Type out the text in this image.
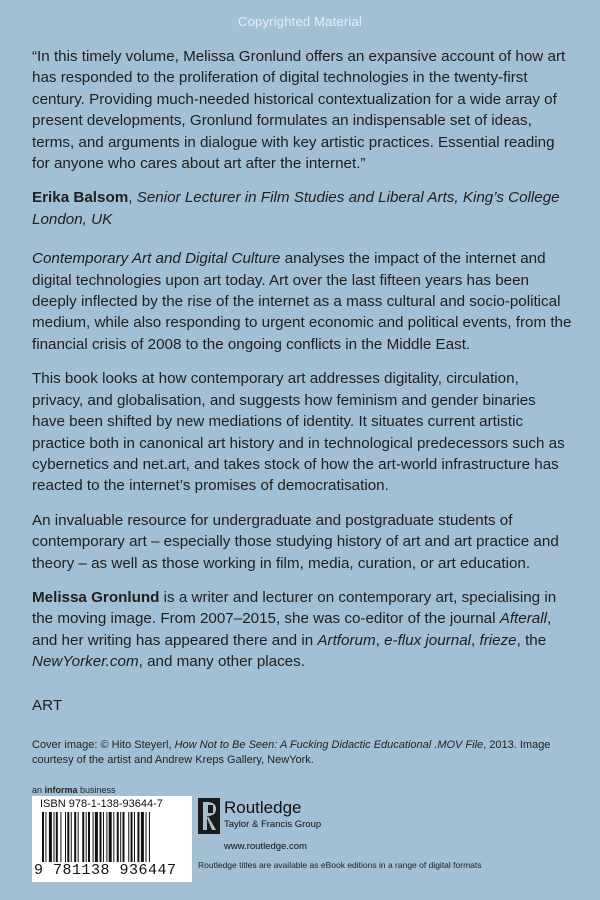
Copyrighted Material

“In this timely volume, Melissa Gronlund offers an expansive account of how art has responded to the proliferation of digital technologies in the twenty-first century. Providing much-needed historical contextualization for a wide array of present developments, Gronlund formulates an indispensable set of ideas, terms, and arguments in dialogue with key artistic practices. Essential reading for anyone who cares about art after the internet.”

Erika Balsom, Senior Lecturer in Film Studies and Liberal Arts, King’s College London, UK

Contemporary Art and Digital Culture analyses the impact of the internet and digital technologies upon art today. Art over the last fifteen years has been deeply inflected by the rise of the internet as a mass cultural and socio-political medium, while also responding to urgent economic and political events, from the financial crisis of 2008 to the ongoing conflicts in the Middle East.

This book looks at how contemporary art addresses digitality, circulation, privacy, and globalisation, and suggests how feminism and gender binaries have been shifted by new mediations of identity. It situates current artistic practice both in canonical art history and in technological predecessors such as cybernetics and net.art, and takes stock of how the art-world infrastructure has reacted to the internet’s promises of democratisation.

An invaluable resource for undergraduate and postgraduate students of contemporary art – especially those studying history of art and art practice and theory – as well as those working in film, media, curation, or art education.

Melissa Gronlund is a writer and lecturer on contemporary art, specialising in the moving image. From 2007–2015, she was co-editor of the journal Afterall, and her writing has appeared there and in Artforum, e-flux journal, frieze, the NewYorker.com, and many other places.

ART

Cover image: © Hito Steyerl, How Not to Be Seen: A Fucking Didactic Educational .MOV File, 2013. Image courtesy of the artist and Andrew Kreps Gallery, NewYork.
an informa business
ISBN 978-1-138-93644-7
9 781138 936447
Routledge
Taylor & Francis Group
www.routledge.com
Routledge titles are available as eBook editions in a range of digital formats
